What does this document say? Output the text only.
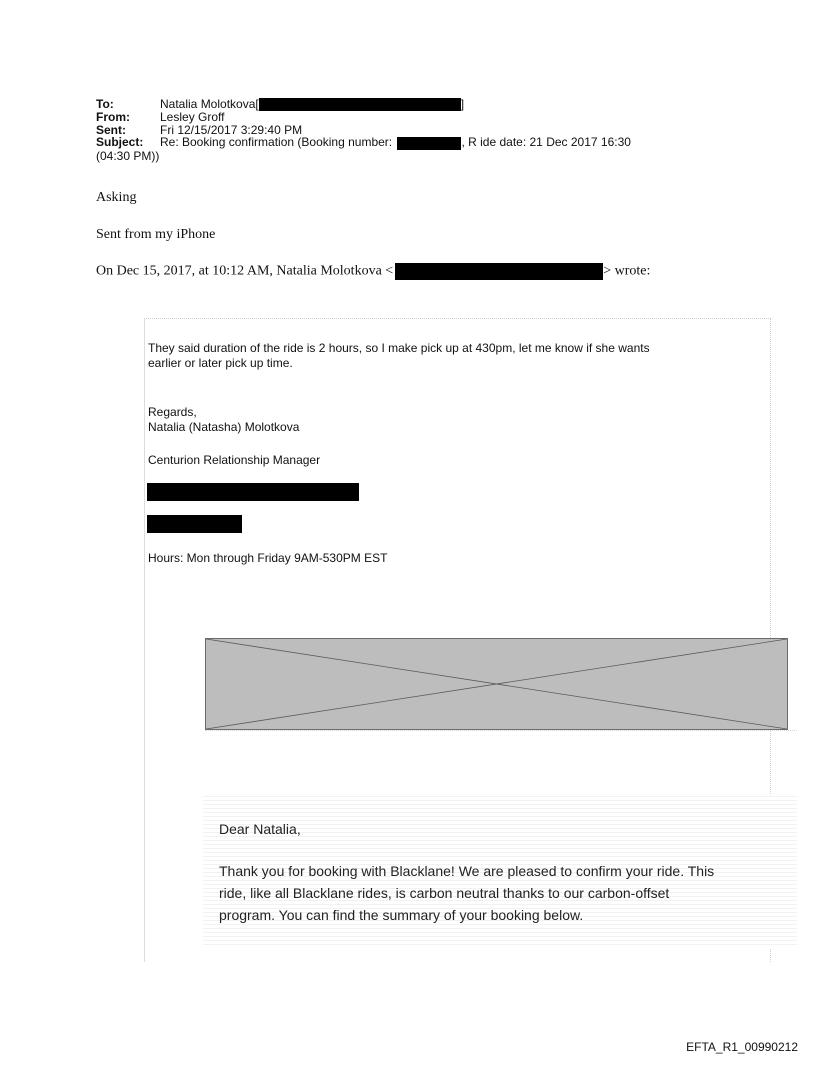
To:	Natalia Molotkova[	]
From:	Lesley Groff
Sent:	Fri 12/15/2017 3:29:40 PM
Subject: Re: Booking confirmation (Booking number:	, R ide date: 21 Dec 2017 16:30
(04:30 PM))
Asking
Sent from my iPhone
On Dec 15, 2017, at 10:12 AM, Natalia Molotkova <	> wrote:
They said duration of the ride is 2 hours, so I make pick up at 430pm, let me know if she wants
earlier or later pick up time.
Regards,
Natalia (Natasha) Molotkova
Centurion Relationship Manager
Hours: Mon through Friday 9AM-530PM EST
Dear Natalia,
Thank you for booking with Blacklane! We are pleased to confirm your ride. This
ride, like all Blacklane rides, is carbon neutral thanks to our carbon-offset
program. You can find the summary of your booking below.
EFTA_R1_00990212
